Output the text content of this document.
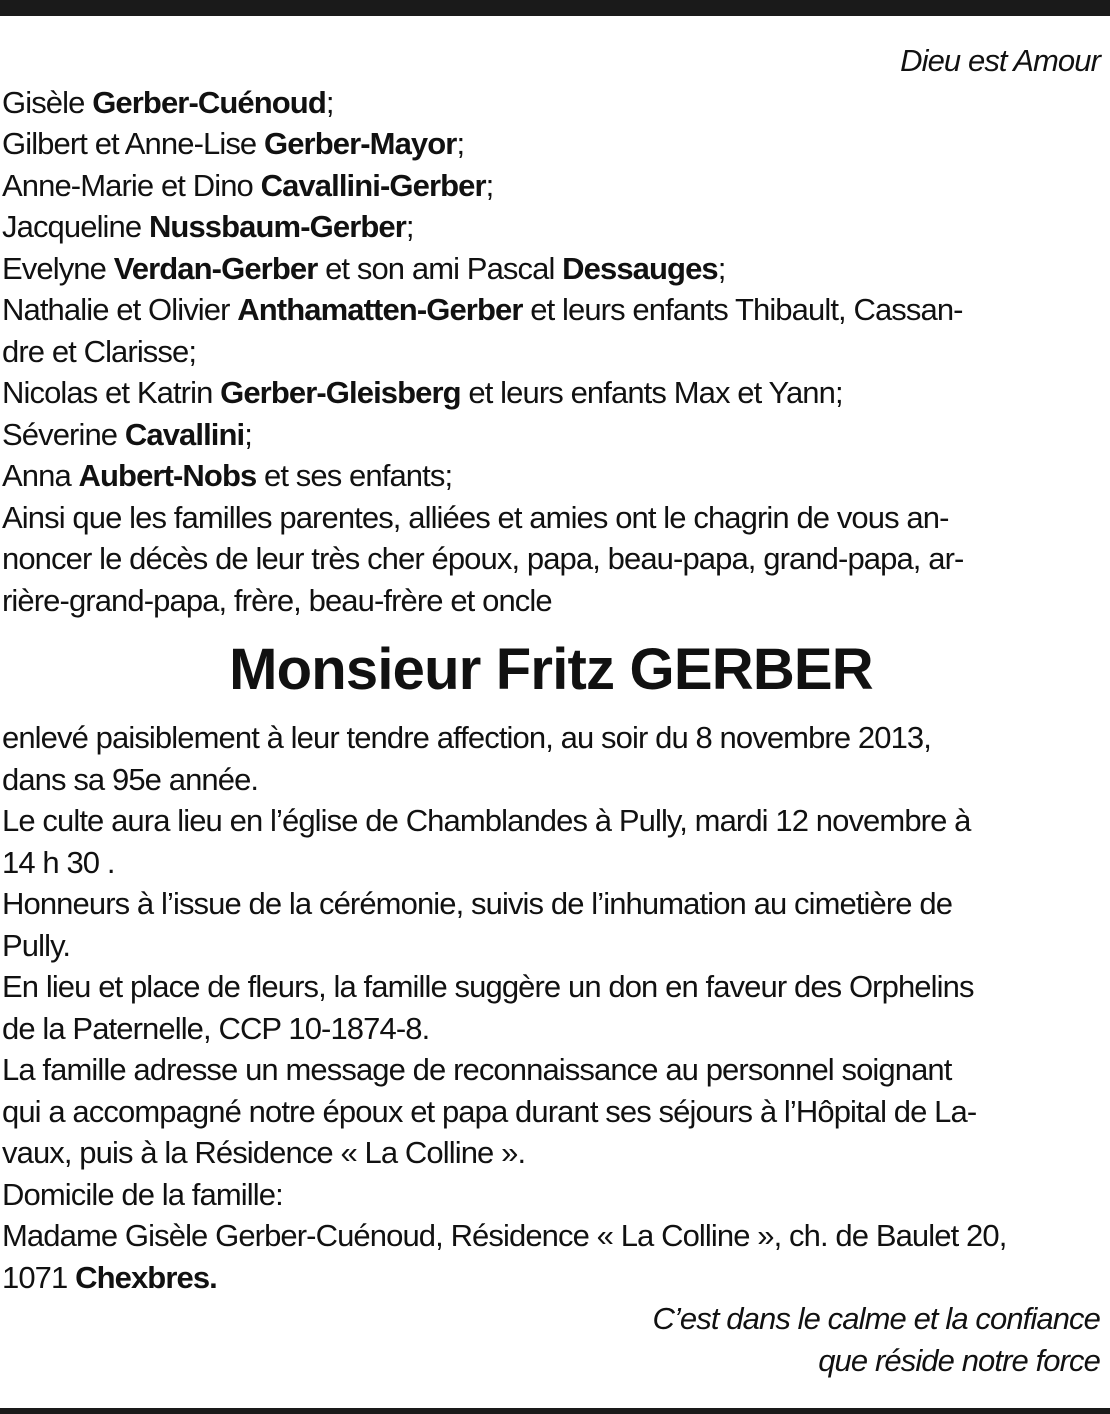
Dieu est Amour
Gisèle Gerber-Cuénoud;
Gilbert et Anne-Lise Gerber-Mayor;
Anne-Marie et Dino Cavallini-Gerber;
Jacqueline Nussbaum-Gerber;
Evelyne Verdan-Gerber et son ami Pascal Dessauges;
Nathalie et Olivier Anthamatten-Gerber et leurs enfants Thibault, Cassan-
dre et Clarisse;
Nicolas et Katrin Gerber-Gleisberg et leurs enfants Max et Yann;
Séverine Cavallini;
Anna Aubert-Nobs et ses enfants;
Ainsi que les familles parentes, alliées et amies ont le chagrin de vous an-
noncer le décès de leur très cher époux, papa, beau-papa, grand-papa, ar-
rière-grand-papa, frère, beau-frère et oncle
Monsieur Fritz GERBER
enlevé paisiblement à leur tendre affection, au soir du 8 novembre 2013,
dans sa 95e année.
Le culte aura lieu en l’église de Chamblandes à Pully, mardi 12 novembre à
14 h 30 .
Honneurs à l’issue de la cérémonie, suivis de l’inhumation au cimetière de
Pully.
En lieu et place de fleurs, la famille suggère un don en faveur des Orphelins
de la Paternelle, CCP 10-1874-8.
La famille adresse un message de reconnaissance au personnel soignant
qui a accompagné notre époux et papa durant ses séjours à l’Hôpital de La-
vaux, puis à la Résidence « La Colline ».
Domicile de la famille:
Madame Gisèle Gerber-Cuénoud, Résidence « La Colline », ch. de Baulet 20,
1071 Chexbres.
C’est dans le calme et la confiance
que réside notre force
